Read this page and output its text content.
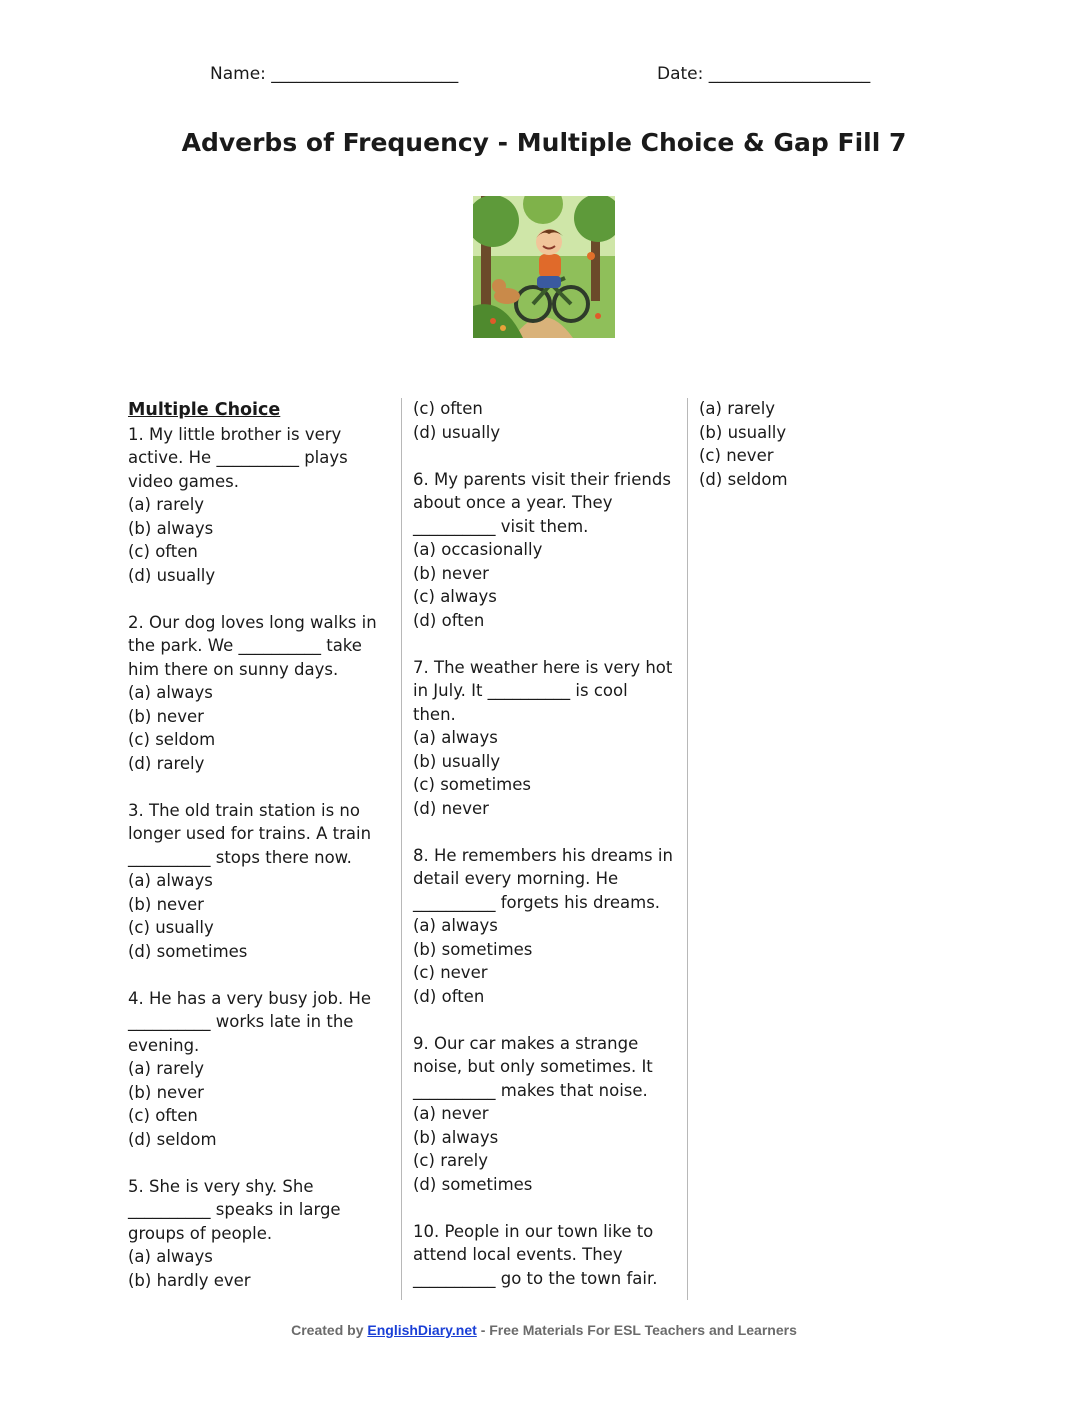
Name: ______________________	Date: ___________________
Adverbs of Frequency - Multiple Choice & Gap Fill 7
Multiple Choice
1. My little brother is very
active. He __________ plays
video games.
(a) rarely
(b) always
(c) often
(d) usually
2. Our dog loves long walks in
the park. We __________ take
him there on sunny days.
(a) always
(b) never
(c) seldom
(d) rarely
3. The old train station is no
longer used for trains. A train
__________ stops there now.
(a) always
(b) never
(c) usually
(d) sometimes
4. He has a very busy job. He
__________ works late in the
evening.
(a) rarely
(b) never
(c) often
(d) seldom
5. She is very shy. She
__________ speaks in large
groups of people.
(a) always
(b) hardly ever
(c) often
(d) usually
6. My parents visit their friends
about once a year. They
__________ visit them.
(a) occasionally
(b) never
(c) always
(d) often
7. The weather here is very hot
in July. It __________ is cool
then.
(a) always
(b) usually
(c) sometimes
(d) never
8. He remembers his dreams in
detail every morning. He
__________ forgets his dreams.
(a) always
(b) sometimes
(c) never
(d) often
9. Our car makes a strange
noise, but only sometimes. It
__________ makes that noise.
(a) never
(b) always
(c) rarely
(d) sometimes
10. People in our town like to
attend local events. They
__________ go to the town fair.
(a) rarely
(b) usually
(c) never
(d) seldom
Created by EnglishDiary.net - Free Materials For ESL Teachers and Learners
